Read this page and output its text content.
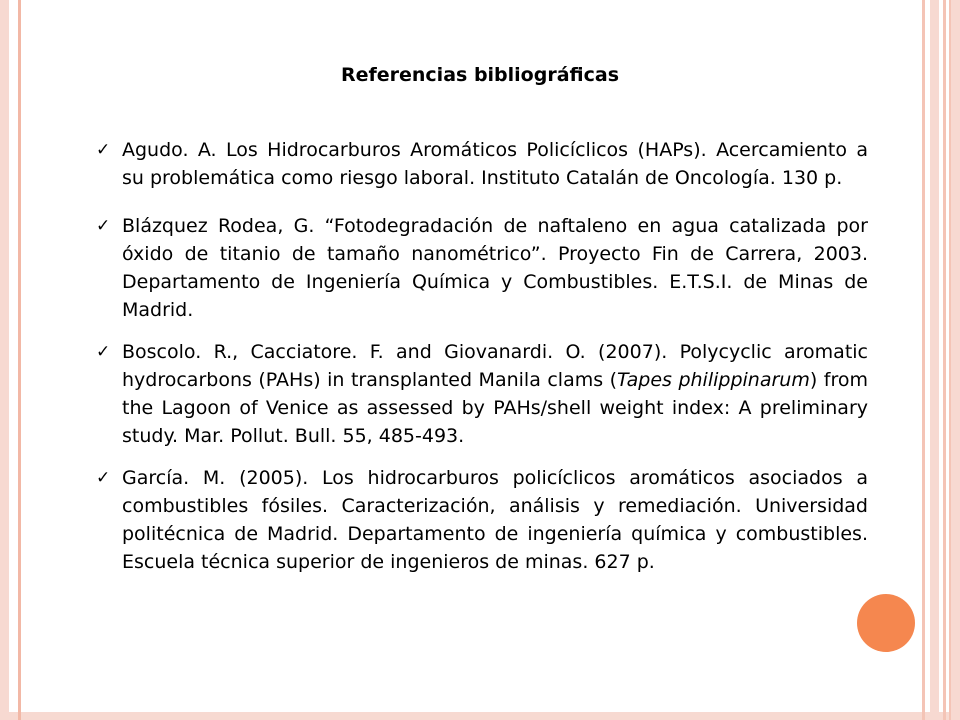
Referencias bibliográficas
✓ Agudo. A. Los Hidrocarburos Aromáticos Policíclicos (HAPs). Acercamiento a su problemática como riesgo laboral. Instituto Catalán de Oncología. 130 p.
✓ Blázquez Rodea, G. “Fotodegradación de naftaleno en agua catalizada por óxido de titanio de tamaño nanométrico”. Proyecto Fin de Carrera, 2003. Departamento de Ingeniería Química y Combustibles. E.T.S.I. de Minas de Madrid.
✓ Boscolo. R., Cacciatore. F. and Giovanardi. O. (2007). Polycyclic aromatic hydrocarbons (PAHs) in transplanted Manila clams (Tapes philippinarum) from the Lagoon of Venice as assessed by PAHs/shell weight index: A preliminary study. Mar. Pollut. Bull. 55, 485-493.
✓ García. M. (2005). Los hidrocarburos policíclicos aromáticos asociados a combustibles fósiles. Caracterización, análisis y remediación. Universidad politécnica de Madrid. Departamento de ingeniería química y combustibles. Escuela técnica superior de ingenieros de minas. 627 p.
